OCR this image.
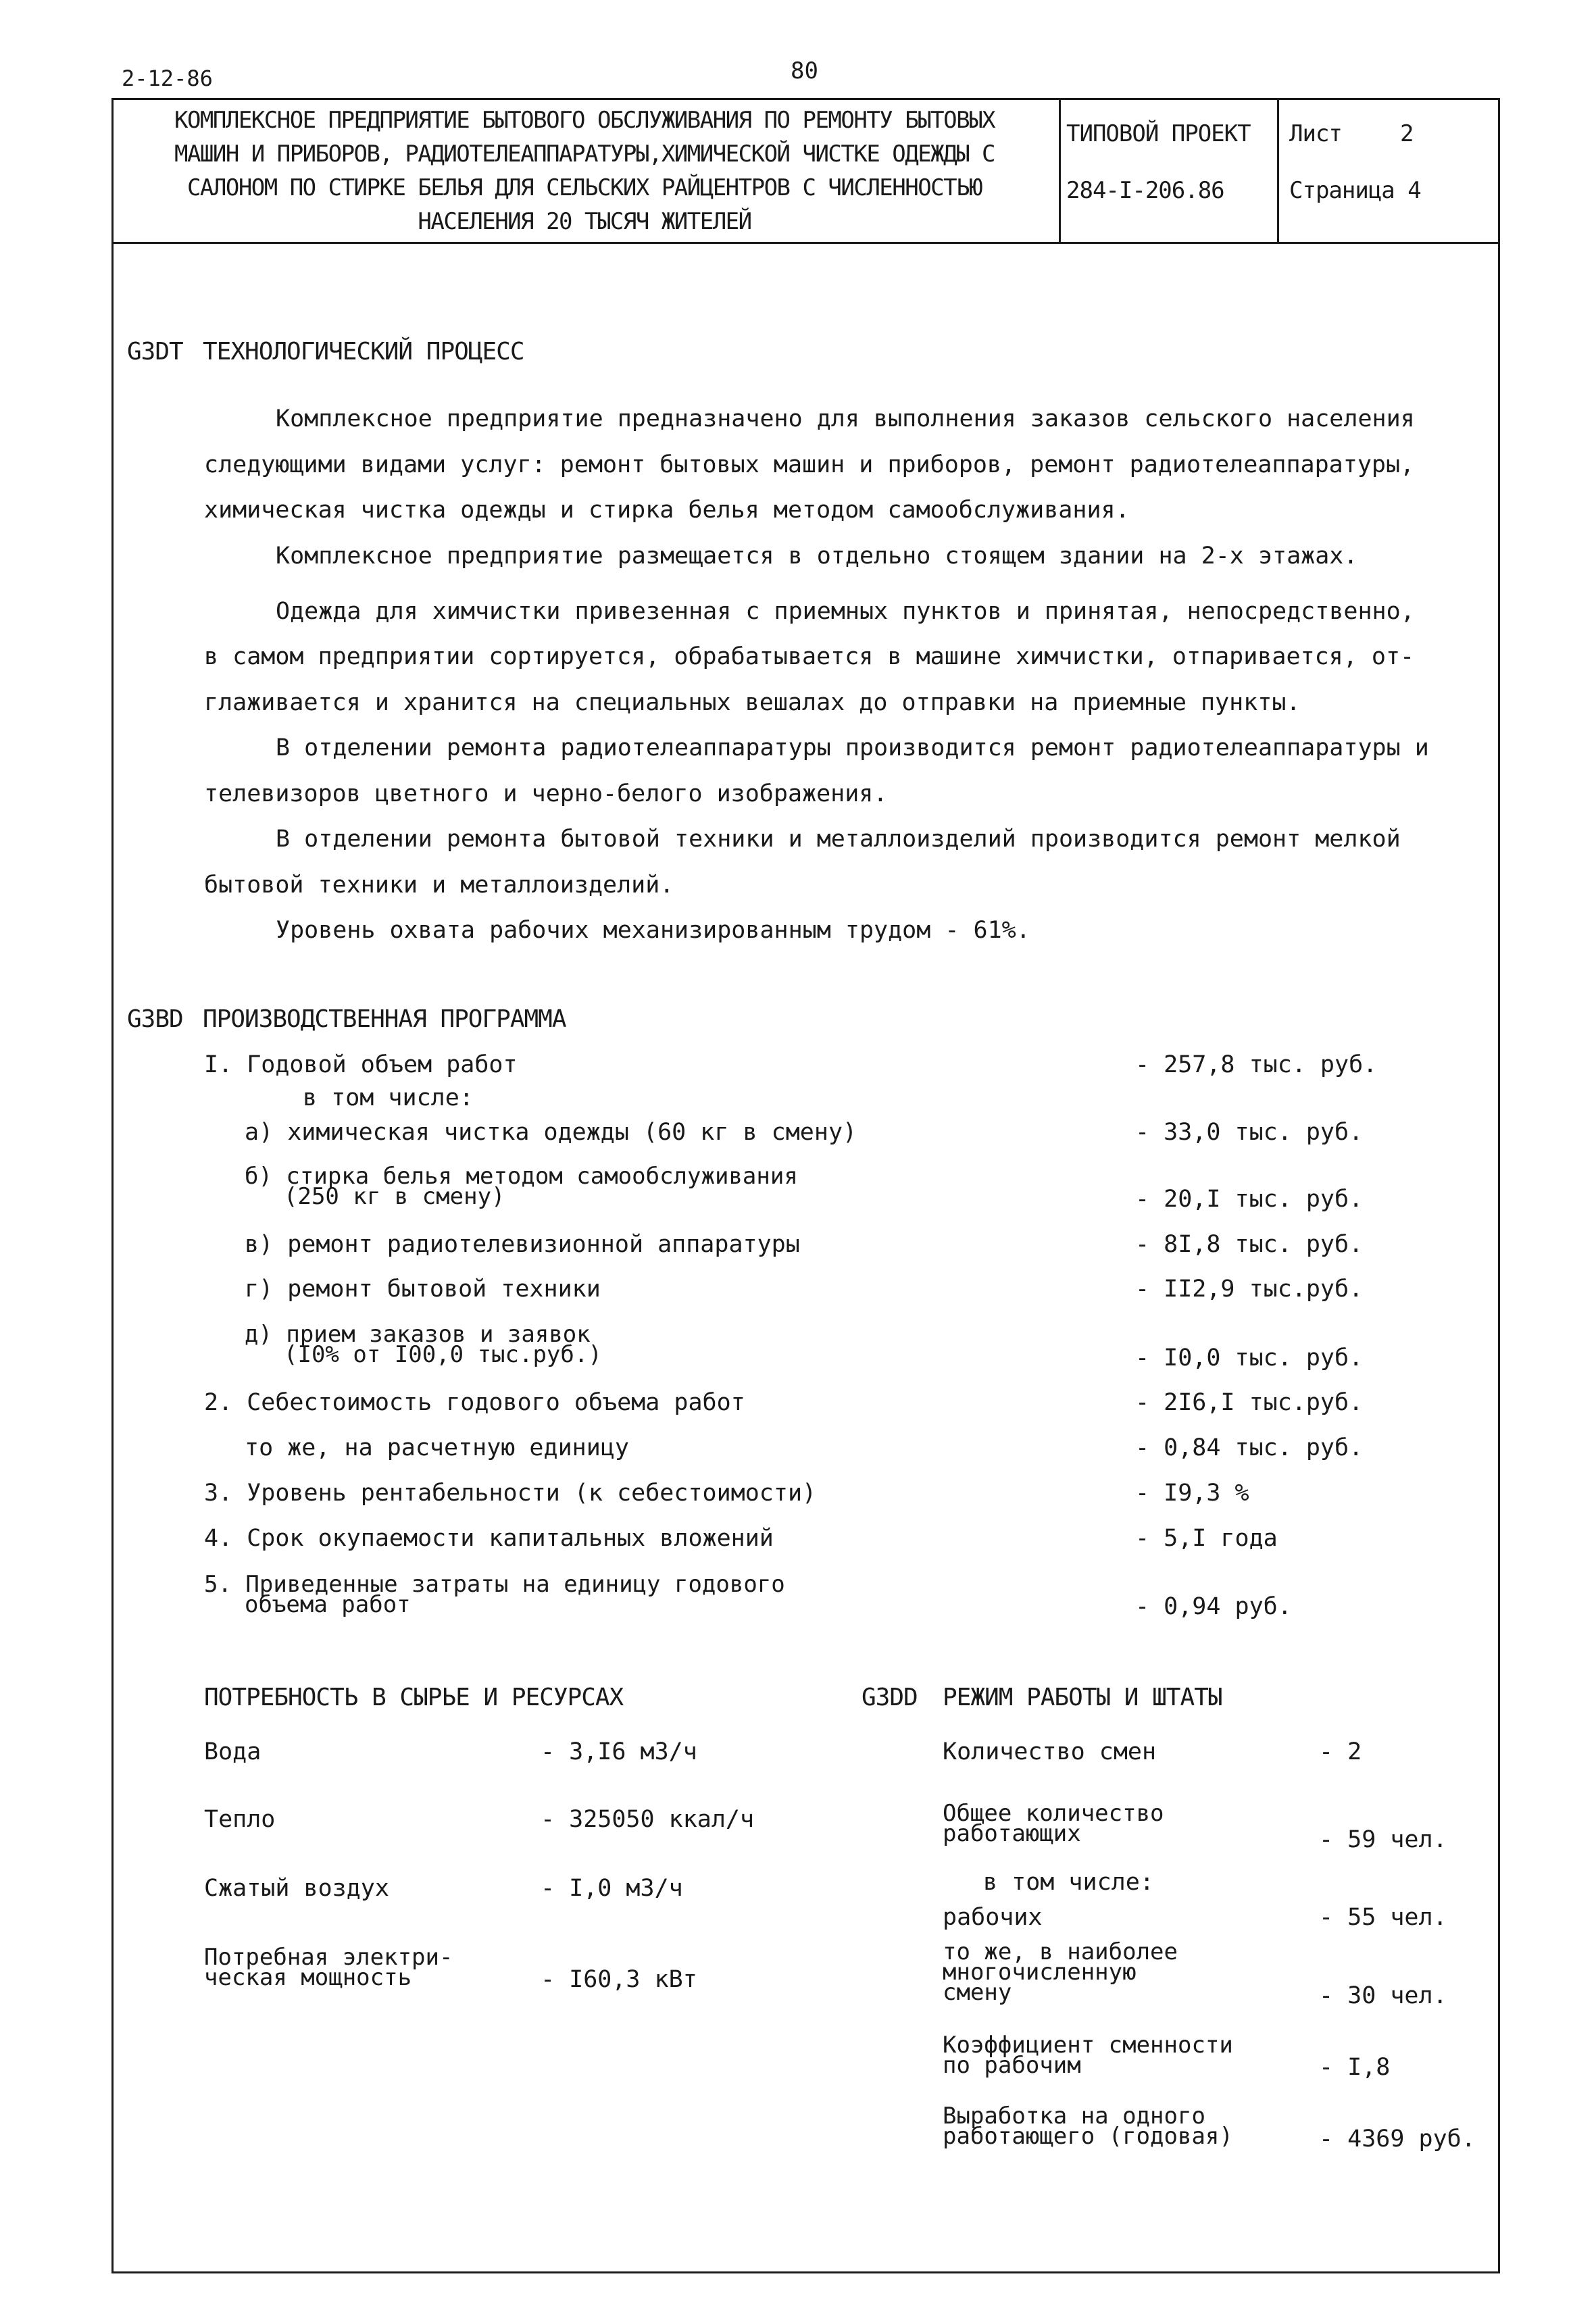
2-12-86	80
КОМПЛЕКСНОЕ ПРЕДПРИЯТИЕ БЫТОВОГО ОБСЛУЖИВАНИЯ ПО РЕМОНТУ БЫТОВЫХ
МАШИН И ПРИБОРОВ, РАДИОТЕЛЕАППАРАТУРЫ,ХИМИЧЕСКОЙ ЧИСТКЕ ОДЕЖДЫ С
САЛОНОМ ПО СТИРКЕ БЕЛЬЯ ДЛЯ СЕЛЬСКИХ РАЙЦЕНТРОВ С ЧИСЛЕННОСТЬЮ
НАСЕЛЕНИЯ 20 ТЫСЯЧ ЖИТЕЛЕЙ
ТИПОВОЙ ПРОЕКТ
284-I-206.86
Лист	2
Страница 4
G3DT ТЕХНОЛОГИЧЕСКИЙ ПРОЦЕСС
Комплексное предприятие предназначено для выполнения заказов сельского населения
следующими видами услуг: ремонт бытовых машин и приборов, ремонт радиотелеаппаратуры,
химическая чистка одежды и стирка белья методом самообслуживания.
Комплексное предприятие размещается в отдельно стоящем здании на 2-х этажах.
Одежда для химчистки привезенная с приемных пунктов и принятая, непосредственно,
в самом предприятии сортируется, обрабатывается в машине химчистки, отпаривается, от-
глаживается и хранится на специальных вешалах до отправки на приемные пункты.
В отделении ремонта радиотелеаппаратуры производится ремонт радиотелеаппаратуры и
телевизоров цветного и черно-белого изображения.
В отделении ремонта бытовой техники и металлоизделий производится ремонт мелкой
бытовой техники и металлоизделий.
Уровень охвата рабочих механизированным трудом - 61%.
G3BD ПРОИЗВОДСТВЕННАЯ ПРОГРАММА
I. Годовой объем работ	- 257,8 тыс. руб.
в том числе:
а) химическая чистка одежды (60 кг в смену)	- 33,0 тыс. руб.
б) стирка белья методом самообслуживания
(250 кг в смену)	- 20,I тыс. руб.
в) ремонт радиотелевизионной аппаратуры	- 8I,8 тыс. руб.
г) ремонт бытовой техники	- II2,9 тыс.руб.
д) прием заказов и заявок
(I0% от I00,0 тыс.руб.)	- I0,0 тыс. руб.
2. Себестоимость годового объема работ	- 2I6,I тыс.руб.
то же, на расчетную единицу	- 0,84 тыс. руб.
3. Уровень рентабельности (к себестоимости)	- I9,3 %
4. Срок окупаемости капитальных вложений	- 5,I года
5. Приведенные затраты на единицу годового
объема работ	- 0,94 руб.
ПОТРЕБНОСТЬ В СЫРЬЕ И РЕСУРСАХ
Вода	- 3,I6 м3/ч
Тепло	- 325050 ккал/ч
Сжатый воздух	- I,0 м3/ч
Потребная электри-
ческая мощность	- I60,3 кВт
G3DD РЕЖИМ РАБОТЫ И ШТАТЫ
Количество смен	- 2
Общее количество
работающих	- 59 чел.
в том числе:
рабочих	- 55 чел.
то же, в наиболее
многочисленную
смену	- 30 чел.
Коэффициент сменности
по рабочим	- I,8
Выработка на одного
работающего (годовая)	- 4369 руб.
